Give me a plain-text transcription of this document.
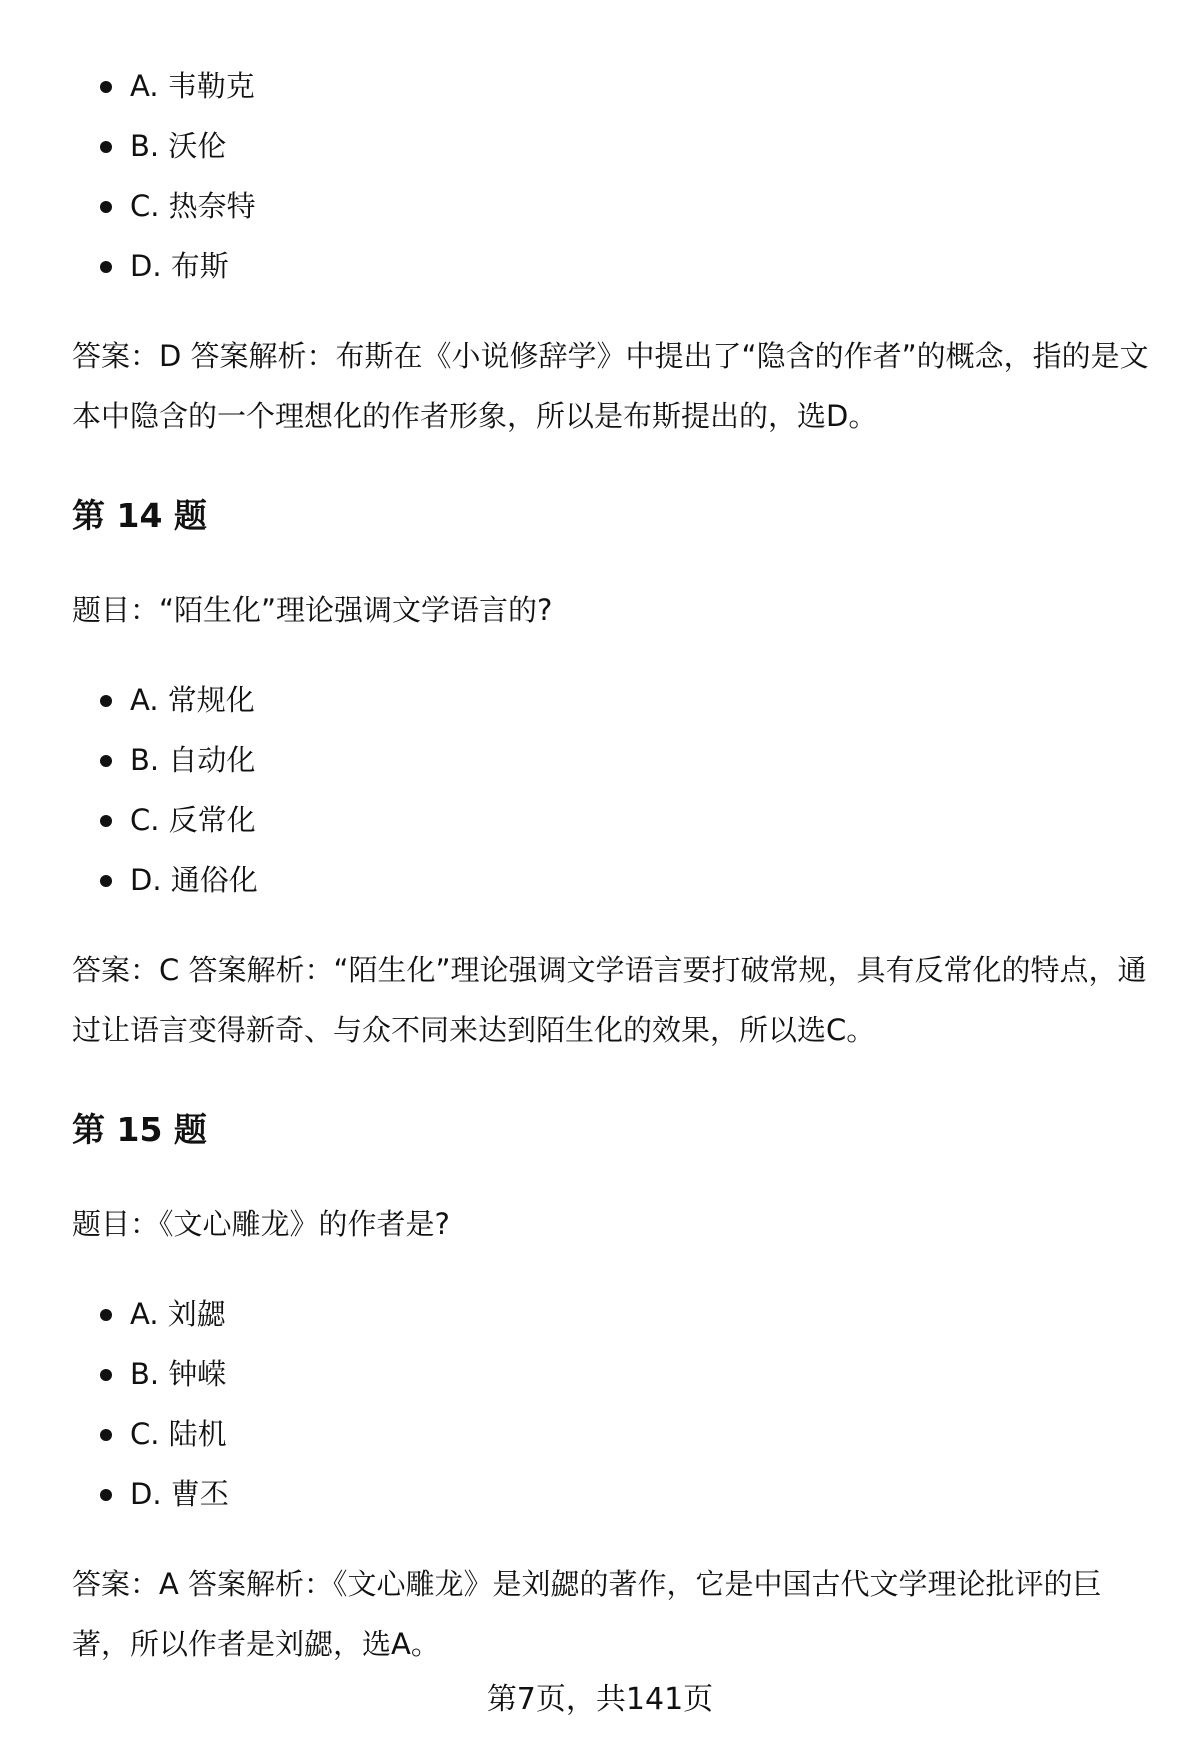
A. 韦勒克
B. 沃伦
C. 热奈特
D. 布斯

答案：D 答案解析：布斯在《小说修辞学》中提出了“隐含的作者”的概念，指的是文本中隐含的一个理想化的作者形象，所以是布斯提出的，选D。

第 14 题

题目：“陌生化”理论强调文学语言的?

A. 常规化
B. 自动化
C. 反常化
D. 通俗化

答案：C 答案解析：“陌生化”理论强调文学语言要打破常规，具有反常化的特点，通过让语言变得新奇、与众不同来达到陌生化的效果，所以选C。

第 15 题

题目：《文心雕龙》的作者是?

A. 刘勰
B. 钟嵘
C. 陆机
D. 曹丕

答案：A 答案解析：《文心雕龙》是刘勰的著作，它是中国古代文学理论批评的巨著，所以作者是刘勰，选A。

第7页，共141页
